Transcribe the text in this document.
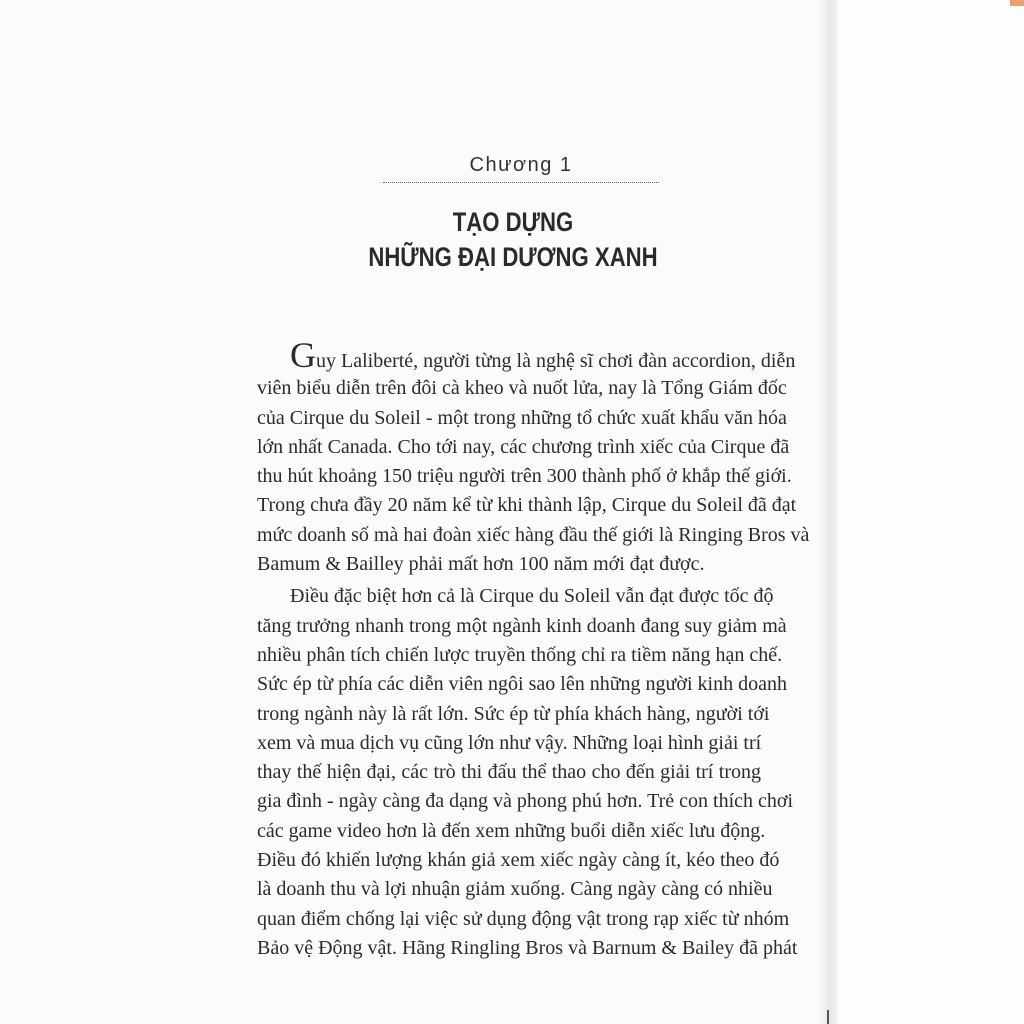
Chương 1
TẠO DỰNG
NHỮNG ĐẠI DƯƠNG XANH
Guy Laliberté, người từng là nghệ sĩ chơi đàn accordion, diễn
viên biểu diễn trên đôi cà kheo và nuốt lửa, nay là Tổng Giám đốc
của Cirque du Soleil - một trong những tổ chức xuất khẩu văn hóa
lớn nhất Canada. Cho tới nay, các chương trình xiếc của Cirque đã
thu hút khoảng 150 triệu người trên 300 thành phố ở khắp thế giới.
Trong chưa đầy 20 năm kể từ khi thành lập, Cirque du Soleil đã đạt
mức doanh số mà hai đoàn xiếc hàng đầu thế giới là Ringing Bros và
Bamum & Bailley phải mất hơn 100 năm mới đạt được.
Điều đặc biệt hơn cả là Cirque du Soleil vẫn đạt được tốc độ
tăng trưởng nhanh trong một ngành kinh doanh đang suy giảm mà
nhiều phân tích chiến lược truyền thống chỉ ra tiềm năng hạn chế.
Sức ép từ phía các diễn viên ngôi sao lên những người kinh doanh
trong ngành này là rất lớn. Sức ép từ phía khách hàng, người tới
xem và mua dịch vụ cũng lớn như vậy. Những loại hình giải trí
thay thế hiện đại, các trò thi đấu thể thao cho đến giải trí trong
gia đình - ngày càng đa dạng và phong phú hơn. Trẻ con thích chơi
các game video hơn là đến xem những buổi diễn xiếc lưu động.
Điều đó khiến lượng khán giả xem xiếc ngày càng ít, kéo theo đó
là doanh thu và lợi nhuận giảm xuống. Càng ngày càng có nhiều
quan điểm chống lại việc sử dụng động vật trong rạp xiếc từ nhóm
Bảo vệ Động vật. Hãng Ringling Bros và Barnum & Bailey đã phát
